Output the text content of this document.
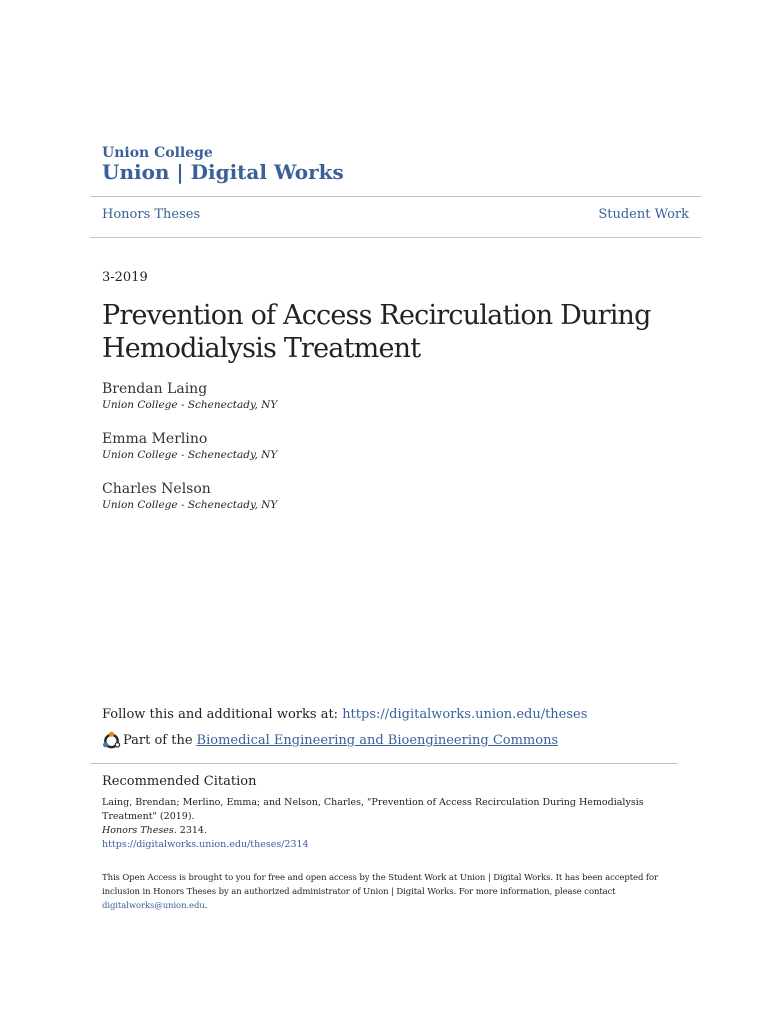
Union College
Union | Digital Works
Honors Theses	Student Work
3-2019
Prevention of Access Recirculation During Hemodialysis Treatment
Brendan Laing
Union College - Schenectady, NY
Emma Merlino
Union College - Schenectady, NY
Charles Nelson
Union College - Schenectady, NY
Follow this and additional works at: https://digitalworks.union.edu/theses
Part of the Biomedical Engineering and Bioengineering Commons
Recommended Citation
Laing, Brendan; Merlino, Emma; and Nelson, Charles, "Prevention of Access Recirculation During Hemodialysis Treatment" (2019).
Honors Theses. 2314.
https://digitalworks.union.edu/theses/2314
This Open Access is brought to you for free and open access by the Student Work at Union | Digital Works. It has been accepted for inclusion in Honors Theses by an authorized administrator of Union | Digital Works. For more information, please contact digitalworks@union.edu.
